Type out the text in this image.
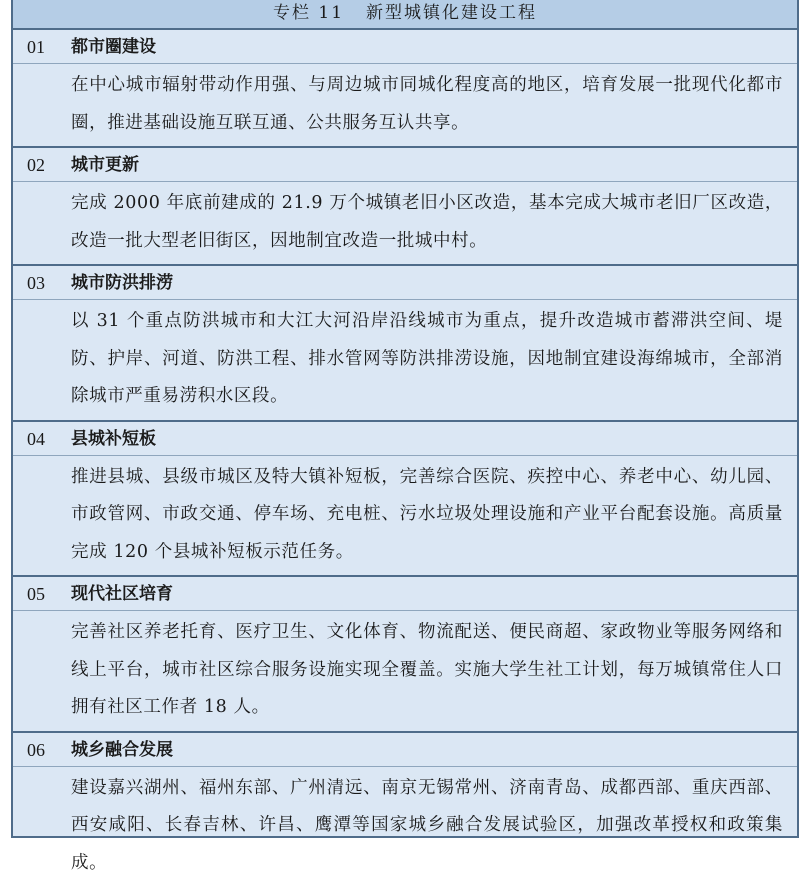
专栏 11 新型城镇化建设工程
01	都市圈建设
在中心城市辐射带动作用强、与周边城市同城化程度高的地区，培育发展一批现代化都市圈，推进基础设施互联互通、公共服务互认共享。
02	城市更新
完成 2000 年底前建成的 21.9 万个城镇老旧小区改造，基本完成大城市老旧厂区改造，改造一批大型老旧街区，因地制宜改造一批城中村。
03	城市防洪排涝
以 31 个重点防洪城市和大江大河沿岸沿线城市为重点，提升改造城市蓄滞洪空间、堤防、护岸、河道、防洪工程、排水管网等防洪排涝设施，因地制宜建设海绵城市，全部消除城市严重易涝积水区段。
04	县城补短板
推进县城、县级市城区及特大镇补短板，完善综合医院、疾控中心、养老中心、幼儿园、市政管网、市政交通、停车场、充电桩、污水垃圾处理设施和产业平台配套设施。高质量完成 120 个县城补短板示范任务。
05	现代社区培育
完善社区养老托育、医疗卫生、文化体育、物流配送、便民商超、家政物业等服务网络和线上平台，城市社区综合服务设施实现全覆盖。实施大学生社工计划，每万城镇常住人口拥有社区工作者 18 人。
06	城乡融合发展
建设嘉兴湖州、福州东部、广州清远、南京无锡常州、济南青岛、成都西部、重庆西部、西安咸阳、长春吉林、许昌、鹰潭等国家城乡融合发展试验区，加强改革授权和政策集成。
